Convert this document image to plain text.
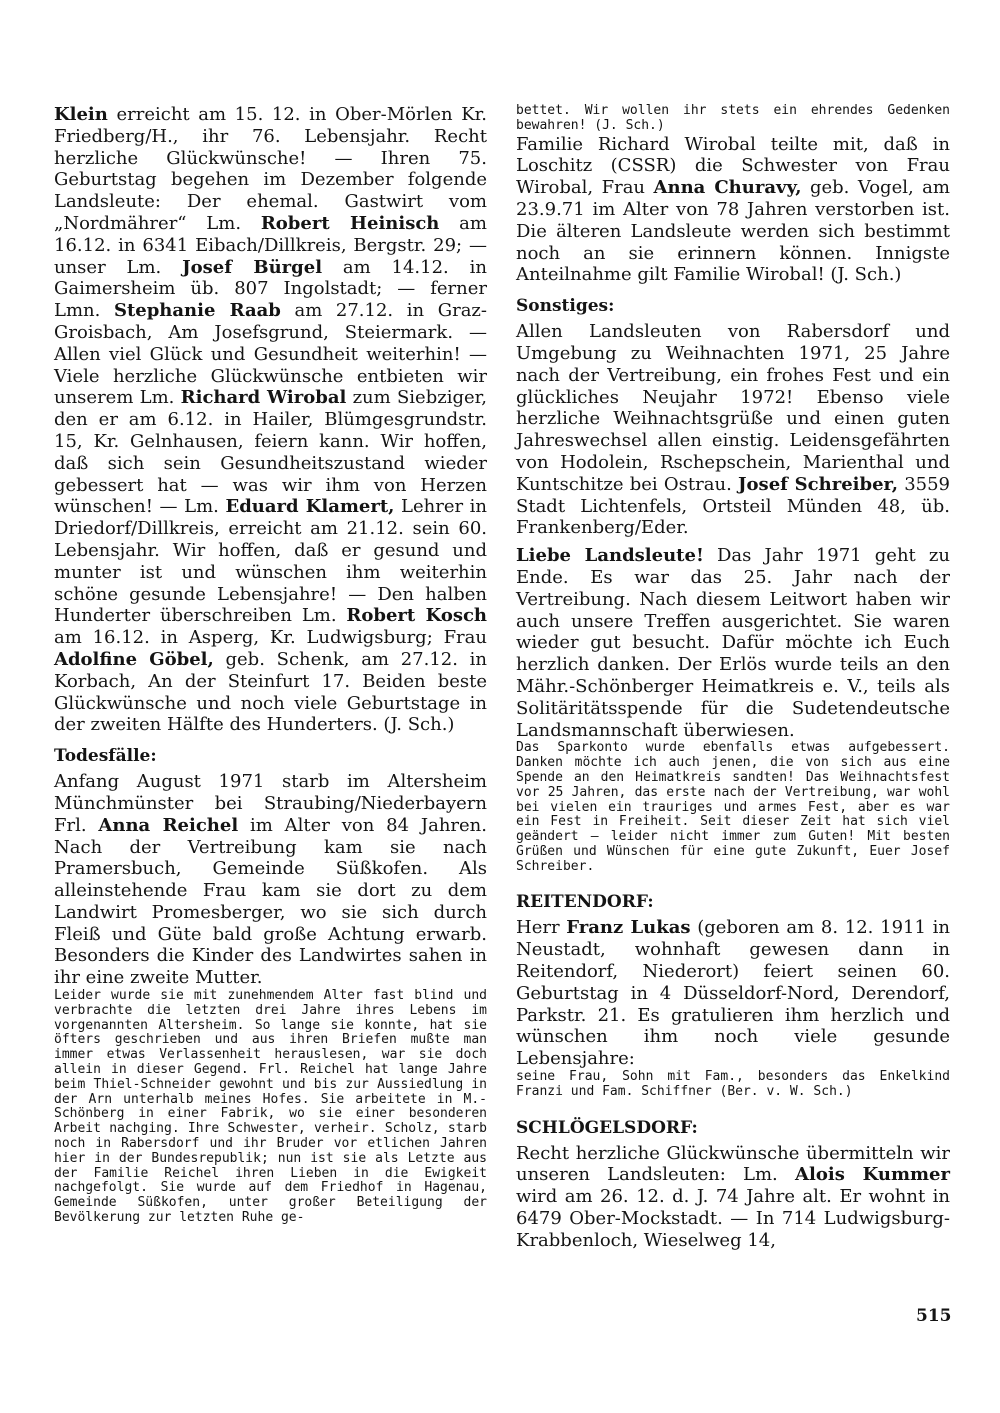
Klein erreicht am 15. 12. in Ober-Mörlen Kr. Friedberg/H., ihr 76. Lebensjahr. Recht herzliche Glückwünsche! — Ihren 75. Geburtstag begehen im Dezember folgende Landsleute: Der ehemal. Gastwirt vom „Nordmährer“ Lm. Robert Heinisch am 16.12. in 6341 Eibach/Dillkreis, Bergstr. 29; — unser Lm. Josef Bürgel am 14.12. in Gaimersheim üb. 807 Ingolstadt; — ferner Lmn. Stephanie Raab am 27.12. in Graz-Groisbach, Am Josefsgrund, Steiermark. — Allen viel Glück und Gesundheit weiterhin! — Viele herzliche Glückwünsche entbieten wir unserem Lm. Richard Wirobal zum Siebziger, den er am 6.12. in Hailer, Blümgesgrundstr. 15, Kr. Gelnhausen, feiern kann. Wir hoffen, daß sich sein Gesundheitszustand wieder gebessert hat — was wir ihm von Herzen wünschen! — Lm. Eduard Klamert, Lehrer in Driedorf/Dillkreis, erreicht am 21.12. sein 60. Lebensjahr. Wir hoffen, daß er gesund und munter ist und wünschen ihm weiterhin schöne gesunde Lebensjahre! — Den halben Hunderter überschreiben Lm. Robert Kosch am 16.12. in Asperg, Kr. Ludwigsburg; Frau Adolfine Göbel, geb. Schenk, am 27.12. in Korbach, An der Steinfurt 17. Beiden beste Glückwünsche und noch viele Geburtstage in der zweiten Hälfte des Hunderters. (J. Sch.)

Todesfälle:

Anfang August 1971 starb im Altersheim Münchmünster bei Straubing/Niederbayern Frl. Anna Reichel im Alter von 84 Jahren. Nach der Vertreibung kam sie nach Pramersbuch, Gemeinde Süßkofen. Als alleinstehende Frau kam sie dort zu dem Landwirt Promesberger, wo sie sich durch Fleiß und Güte bald große Achtung erwarb. Besonders die Kinder des Landwirtes sahen in ihr eine zweite Mutter.

Leider wurde sie mit zunehmendem Alter fast blind und verbrachte die letzten drei Jahre ihres Lebens im vorgenannten Altersheim. So lange sie konnte, hat sie öfters geschrieben und aus ihren Briefen mußte man immer etwas Verlassenheit herauslesen, war sie doch allein in dieser Gegend. Frl. Reichel hat lange Jahre beim Thiel-Schneider gewohnt und bis zur Aussiedlung in der Arn unterhalb meines Hofes. Sie arbeitete in M.-Schönberg in einer Fabrik, wo sie einer besonderen Arbeit nachging. Ihre Schwester, verheir. Scholz, starb noch in Rabersdorf und ihr Bruder vor etlichen Jahren hier in der Bundesrepublik; nun ist sie als Letzte aus der Familie Reichel ihren Lieben in die Ewigkeit nachgefolgt. Sie wurde auf dem Friedhof in Hagenau, Gemeinde Süßkofen, unter großer Beteiligung der Bevölkerung zur letzten Ruhe ge-

bettet. Wir wollen ihr stets ein ehrendes Gedenken bewahren! (J. Sch.)

Familie Richard Wirobal teilte mit, daß in Loschitz (CSSR) die Schwester von Frau Wirobal, Frau Anna Churavy, geb. Vogel, am 23.9.71 im Alter von 78 Jahren verstorben ist. Die älteren Landsleute werden sich bestimmt noch an sie erinnern können. Innigste Anteilnahme gilt Familie Wirobal! (J. Sch.)

Sonstiges:

Allen Landsleuten von Rabersdorf und Umgebung zu Weihnachten 1971, 25 Jahre nach der Vertreibung, ein frohes Fest und ein glückliches Neujahr 1972! Ebenso viele herzliche Weihnachtsgrüße und einen guten Jahreswechsel allen einstig. Leidensgefährten von Hodolein, Rschepschein, Marienthal und Kuntschitze bei Ostrau. Josef Schreiber, 3559 Stadt Lichtenfels, Ortsteil Münden 48, üb. Frankenberg/Eder.

Liebe Landsleute! Das Jahr 1971 geht zu Ende. Es war das 25. Jahr nach der Vertreibung. Nach diesem Leitwort haben wir auch unsere Treffen ausgerichtet. Sie waren wieder gut besucht. Dafür möchte ich Euch herzlich danken. Der Erlös wurde teils an den Mähr.-Schönberger Heimatkreis e. V., teils als Solitäritätsspende für die Sudetendeutsche Landsmannschaft überwiesen.

Das Sparkonto wurde ebenfalls etwas aufgebessert. Danken möchte ich auch jenen, die von sich aus eine Spende an den Heimatkreis sandten! Das Weihnachtsfest vor 25 Jahren, das erste nach der Vertreibung, war wohl bei vielen ein trauriges und armes Fest, aber es war ein Fest in Freiheit. Seit dieser Zeit hat sich viel geändert — leider nicht immer zum Guten! Mit besten Grüßen und Wünschen für eine gute Zukunft, Euer Josef Schreiber.

REITENDORF:

Herr Franz Lukas (geboren am 8. 12. 1911 in Neustadt, wohnhaft gewesen dann in Reitendorf, Niederort) feiert seinen 60. Geburtstag in 4 Düsseldorf-Nord, Derendorf, Parkstr. 21. Es gratulieren ihm herzlich und wünschen ihm noch viele gesunde Lebensjahre:

seine Frau, Sohn mit Fam., besonders das Enkelkind Franzi und Fam. Schiffner (Ber. v. W. Sch.)

SCHLÖGELSDORF:

Recht herzliche Glückwünsche übermitteln wir unseren Landsleuten: Lm. Alois Kummer wird am 26. 12. d. J. 74 Jahre alt. Er wohnt in 6479 Ober-Mockstadt. — In 714 Ludwigsburg-Krabbenloch, Wieselweg 14,

515
